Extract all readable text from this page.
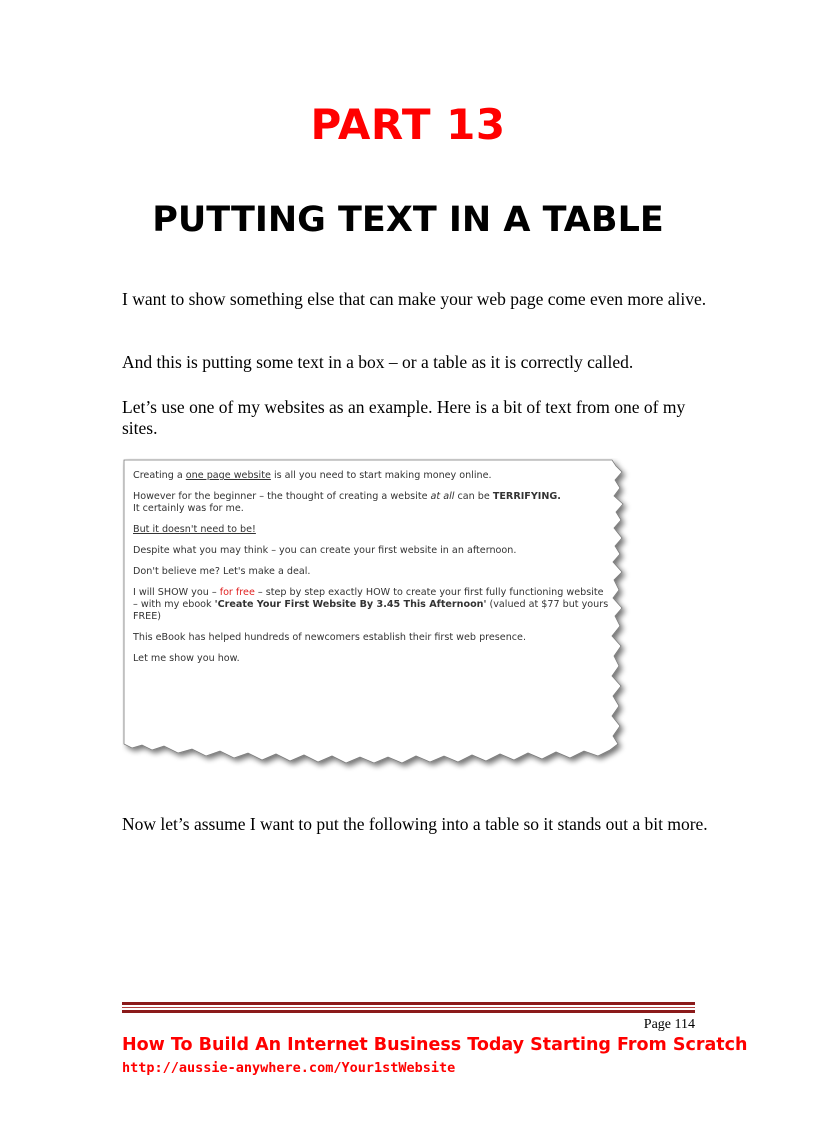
PART 13
PUTTING TEXT IN A TABLE

I want to show something else that can make your web page come even more alive.

And this is putting some text in a box – or a table as it is correctly called.

Let’s use one of my websites as an example. Here is a bit of text from one of my sites.

Creating a one page website is all you need to start making money online.

However for the beginner – the thought of creating a website at all can be TERRIFYING.
It certainly was for me.

But it doesn't need to be!

Despite what you may think – you can create your first website in an afternoon.

Don't believe me? Let's make a deal.

I will SHOW you – for free – step by step exactly HOW to create your first fully functioning website – with my ebook 'Create Your First Website By 3.45 This Afternoon' (valued at $77 but yours FREE)

This eBook has helped hundreds of newcomers establish their first web presence.

Let me show you how.

Now let’s assume I want to put the following into a table so it stands out a bit more.

Page 114
How To Build An Internet Business Today Starting From Scratch
http://aussie-anywhere.com/Your1stWebsite
